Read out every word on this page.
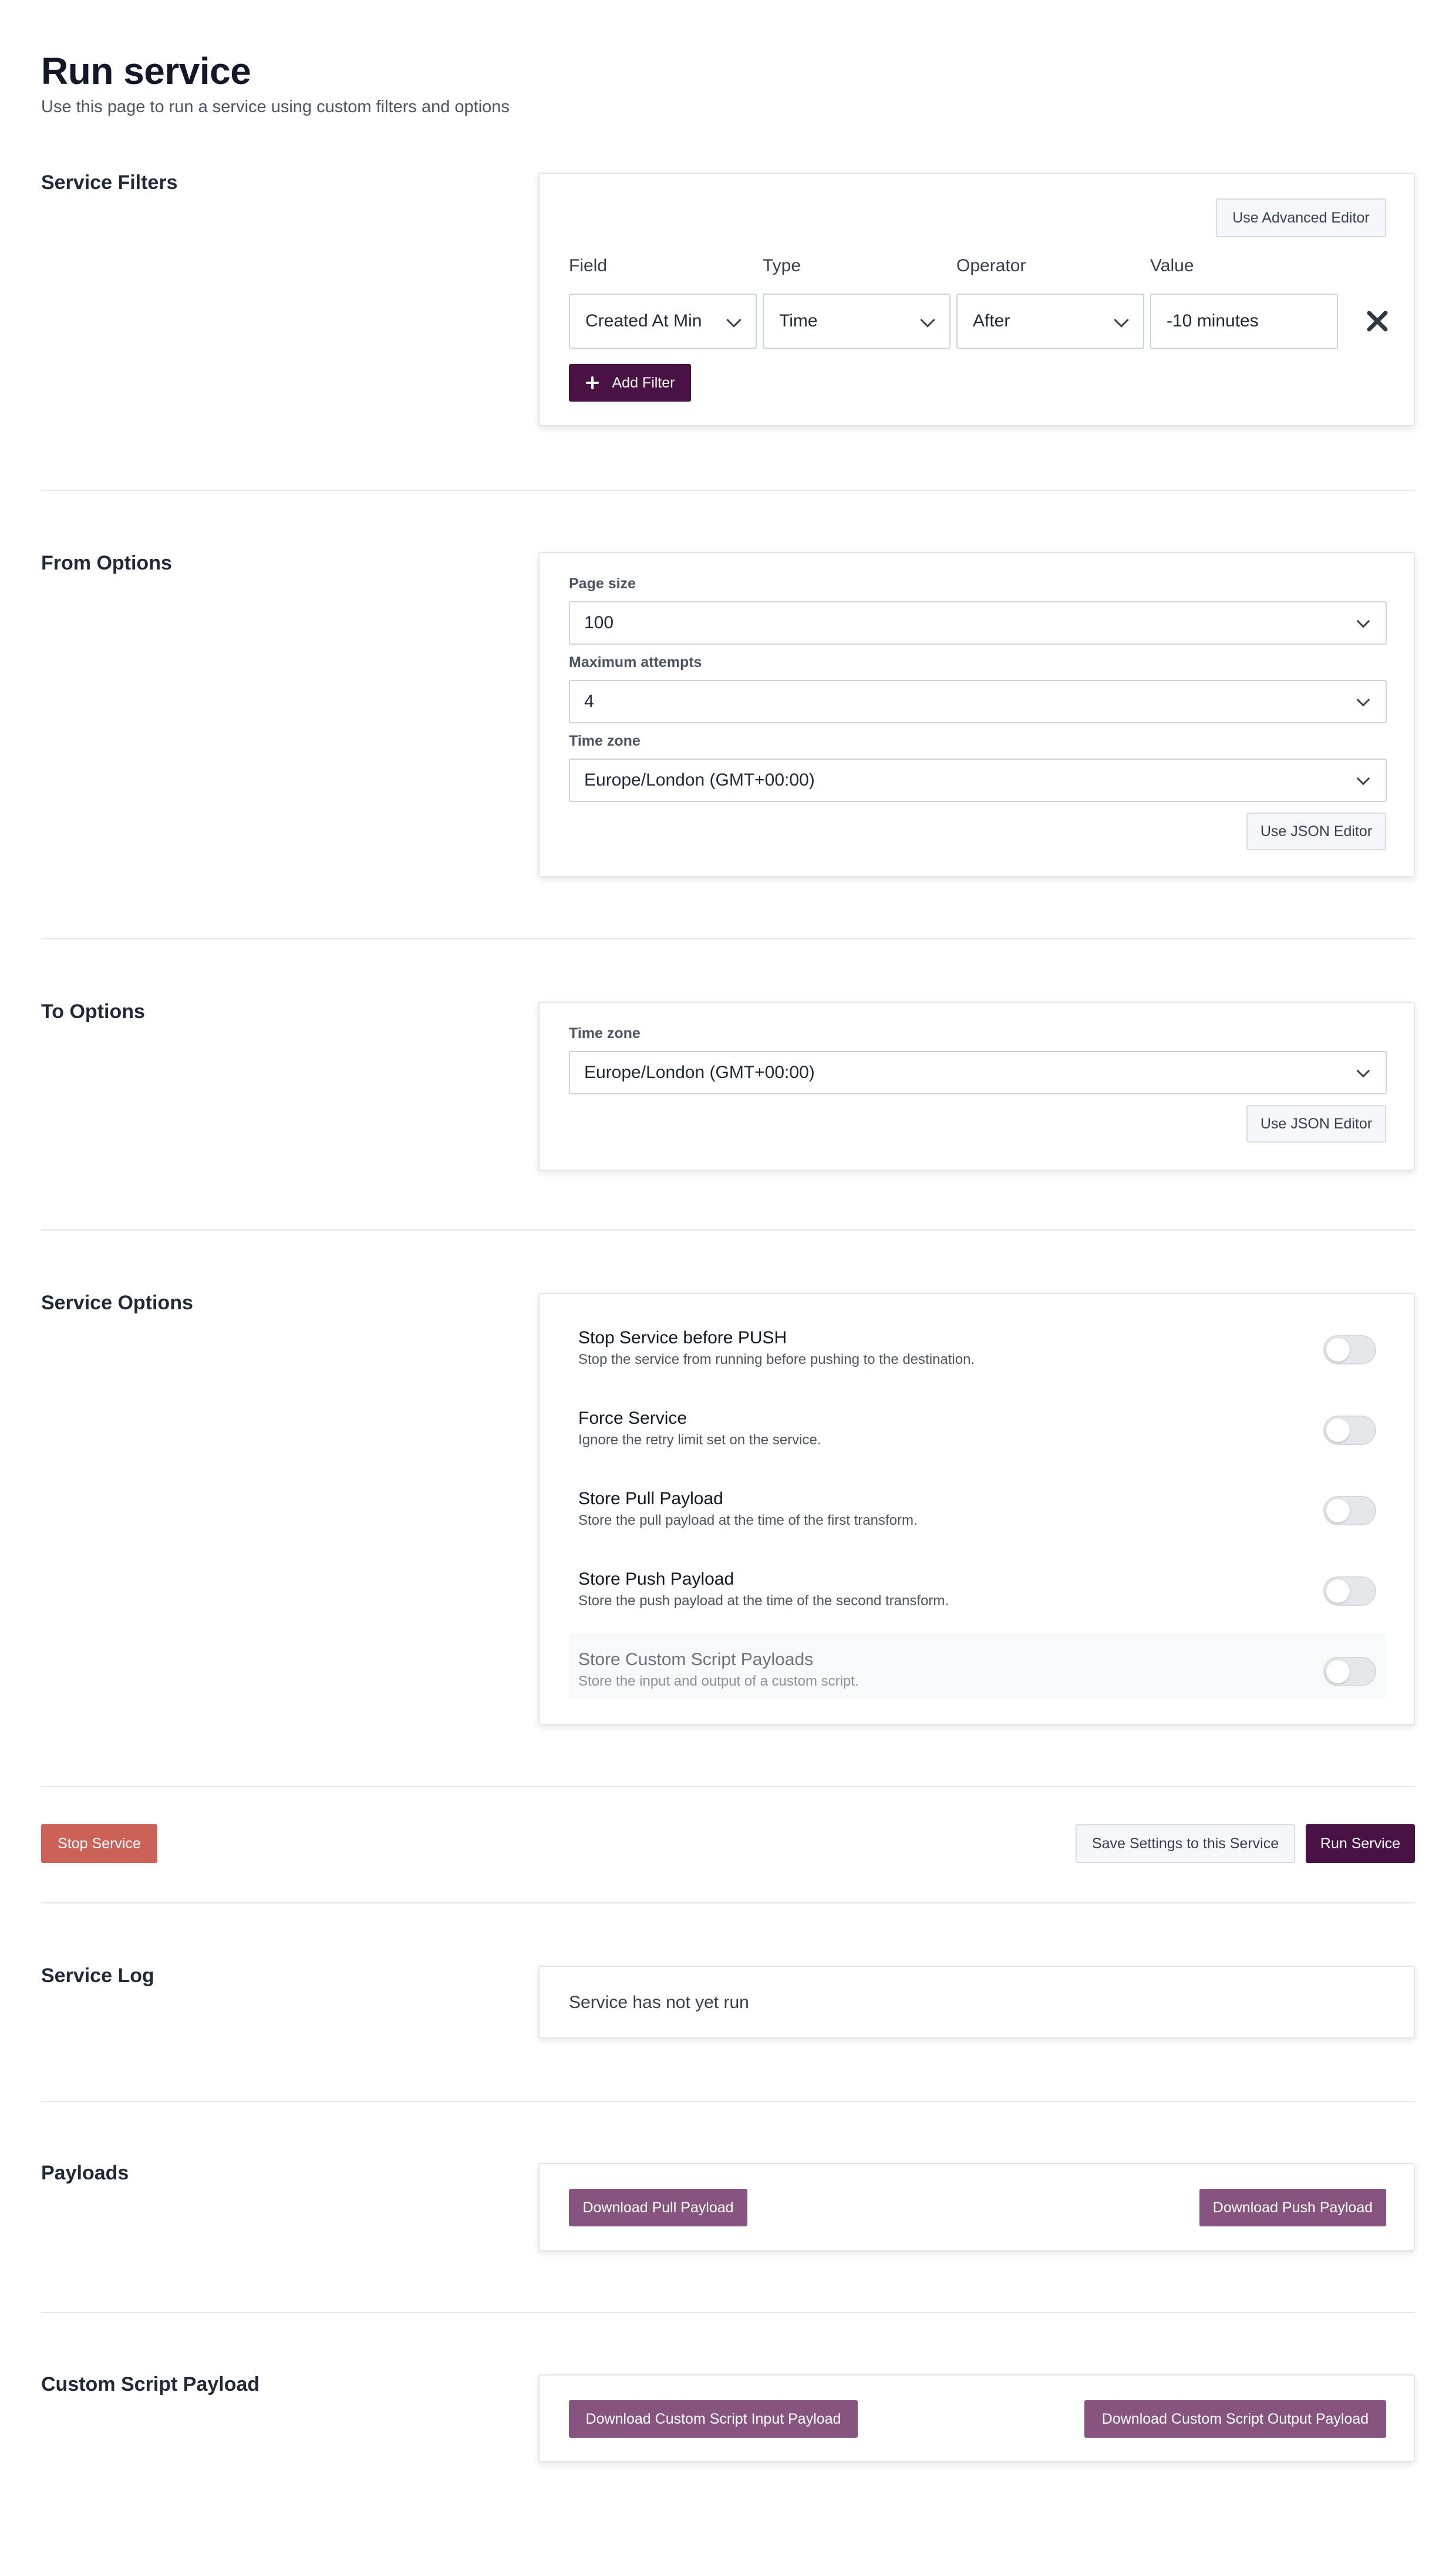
Run service
Use this page to run a service using custom filters and options
Service Filters
Use Advanced Editor
Field	Type	Operator	Value
Created At Min	Time	After	-10 minutes
Add Filter
From Options
Page size
100
Maximum attempts
4
Time zone
Europe/London (GMT+00:00)
Use JSON Editor
To Options
Time zone
Europe/London (GMT+00:00)
Use JSON Editor
Service Options
Stop Service before PUSH
Stop the service from running before pushing to the destination.
Force Service
Ignore the retry limit set on the service.
Store Pull Payload
Store the pull payload at the time of the first transform.
Store Push Payload
Store the push payload at the time of the second transform.
Store Custom Script Payloads
Store the input and output of a custom script.
Stop Service	Save Settings to this Service	Run Service
Service Log
Service has not yet run
Payloads
Download Pull Payload	Download Push Payload
Custom Script Payload
Download Custom Script Input Payload	Download Custom Script Output Payload
